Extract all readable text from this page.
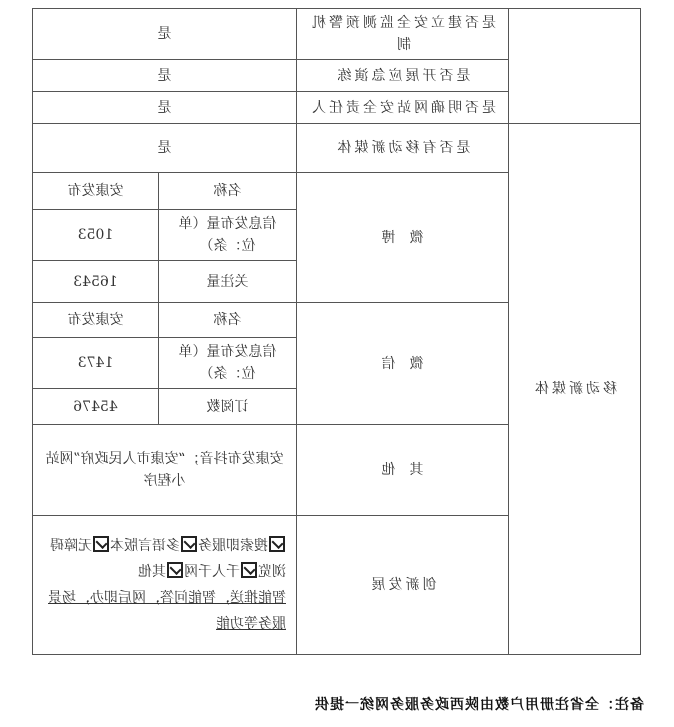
	是否建立安全监测预警机制	是	
	是否开展应急演练	是	
	是否明确网站安全责任人	是	
移动新媒体	是否有移动新媒体	是	
	微　博	名称	安康发布
		信息发布量（单位：条）	1053
		关注量	16543
	微　信	名称	安康发布
		信息发布量（单位：条）	1473
		订阅数	45476
	其　他	安康发布抖音；“安康市人民政府”网站小程序	
	创新发展	搜索即服务多语言版本无障碍浏览千人千网其他
智能推送，智能问答，网后即办，场景服务等功能	
备注：全省注册用户数由陕西政务服务网统一提供
